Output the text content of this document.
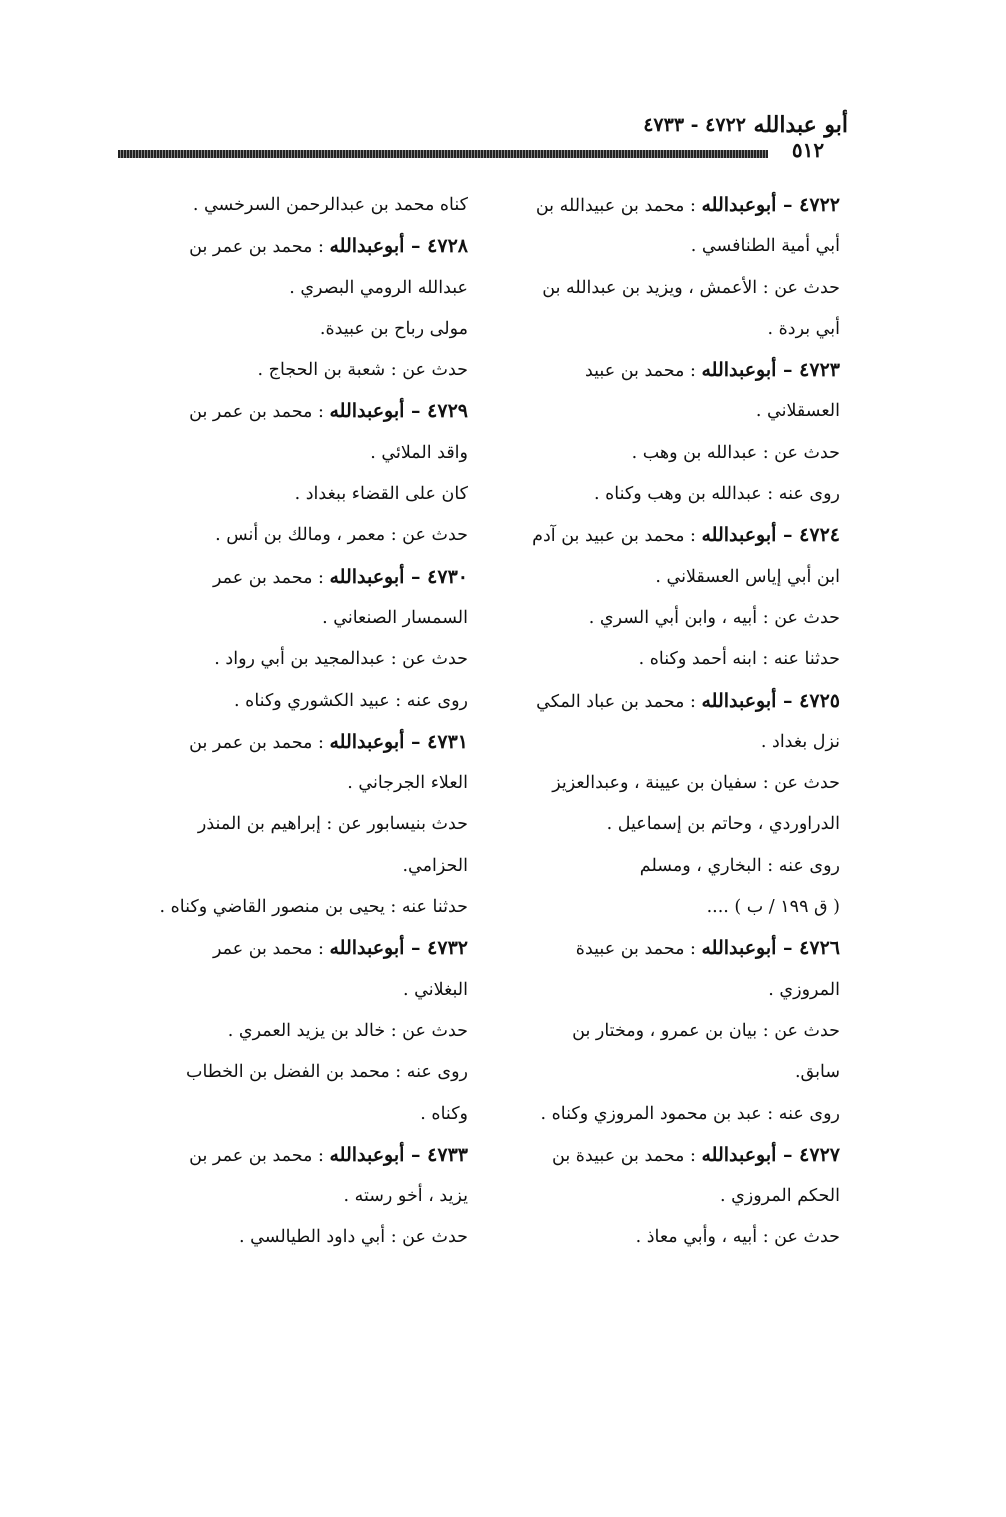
أبو عبدالله
٤٧٢٢ - ٤٧٣٣
٥١٢
٤٧٢٢ – أبوعبدالله : محمد بن عبيدالله بن
أبي أمية الطنافسي .
حدث عن : الأعمش ، ويزيد بن عبدالله بن
أبي بردة .
٤٧٢٣ – أبوعبدالله : محمد بن عبيد
العسقلاني .
حدث عن : عبدالله بن وهب .
روى عنه : عبدالله بن وهب وكناه .
٤٧٢٤ – أبوعبدالله : محمد بن عبيد بن آدم
ابن أبي إياس العسقلاني .
حدث عن : أبيه ، وابن أبي السري .
حدثنا عنه : ابنه أحمد وكناه .
٤٧٢٥ – أبوعبدالله : محمد بن عباد المكي
نزل بغداد .
حدث عن : سفيان بن عيينة ، وعبدالعزيز
الدراوردي ، وحاتم بن إسماعيل .
روى عنه : البخاري ، ومسلم
( ق ١٩٩ / ب ) ....
٤٧٢٦ – أبوعبدالله : محمد بن عبيدة
المروزي .
حدث عن : بيان بن عمرو ، ومختار بن
سابق.
روى عنه : عبد بن محمود المروزي وكناه .
٤٧٢٧ – أبوعبدالله : محمد بن عبيدة بن
الحكم المروزي .
حدث عن : أبيه ، وأبي معاذ .
كناه محمد بن عبدالرحمن السرخسي .
٤٧٢٨ – أبوعبدالله : محمد بن عمر بن
عبدالله الرومي البصري .
مولى رباح بن عبيدة.
حدث عن : شعبة بن الحجاج .
٤٧٢٩ – أبوعبدالله : محمد بن عمر بن
واقد الملائي .
كان على القضاء ببغداد .
حدث عن : معمر ، ومالك بن أنس .
٤٧٣٠ – أبوعبدالله : محمد بن عمر
السمسار الصنعاني .
حدث عن : عبدالمجيد بن أبي رواد .
روى عنه : عبيد الكشوري وكناه .
٤٧٣١ – أبوعبدالله : محمد بن عمر بن
العلاء الجرجاني .
حدث بنيسابور عن : إبراهيم بن المنذر
الحزامي.
حدثنا عنه : يحيى بن منصور القاضي وكناه .
٤٧٣٢ – أبوعبدالله : محمد بن عمر
البغلاني .
حدث عن : خالد بن يزيد العمري .
روى عنه : محمد بن الفضل بن الخطاب
وكناه .
٤٧٣٣ – أبوعبدالله : محمد بن عمر بن
يزيد ، أخو رسته .
حدث عن : أبي داود الطيالسي .
